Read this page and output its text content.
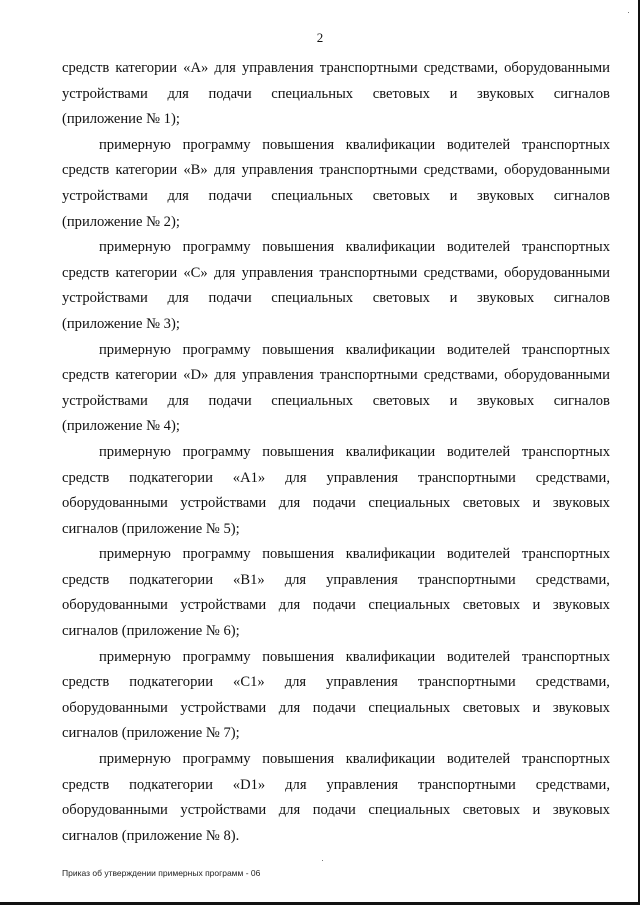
2
средств категории «А» для управления транспортными средствами, оборудованными
устройствами для подачи специальных световых и звуковых сигналов
(приложение № 1);
примерную программу повышения квалификации водителей транспортных
средств категории «В» для управления транспортными средствами, оборудованными
устройствами для подачи специальных световых и звуковых сигналов
(приложение № 2);
примерную программу повышения квалификации водителей транспортных
средств категории «С» для управления транспортными средствами, оборудованными
устройствами для подачи специальных световых и звуковых сигналов
(приложение № 3);
примерную программу повышения квалификации водителей транспортных
средств категории «D» для управления транспортными средствами, оборудованными
устройствами для подачи специальных световых и звуковых сигналов
(приложение № 4);
примерную программу повышения квалификации водителей транспортных
средств подкатегории «А1» для управления транспортными средствами,
оборудованными устройствами для подачи специальных световых и звуковых
сигналов (приложение № 5);
примерную программу повышения квалификации водителей транспортных
средств подкатегории «В1» для управления транспортными средствами,
оборудованными устройствами для подачи специальных световых и звуковых
сигналов (приложение № 6);
примерную программу повышения квалификации водителей транспортных
средств подкатегории «С1» для управления транспортными средствами,
оборудованными устройствами для подачи специальных световых и звуковых
сигналов (приложение № 7);
примерную программу повышения квалификации водителей транспортных
средств подкатегории «D1» для управления транспортными средствами,
оборудованными устройствами для подачи специальных световых и звуковых
сигналов (приложение № 8).
Приказ об утверждении примерных программ - 06
